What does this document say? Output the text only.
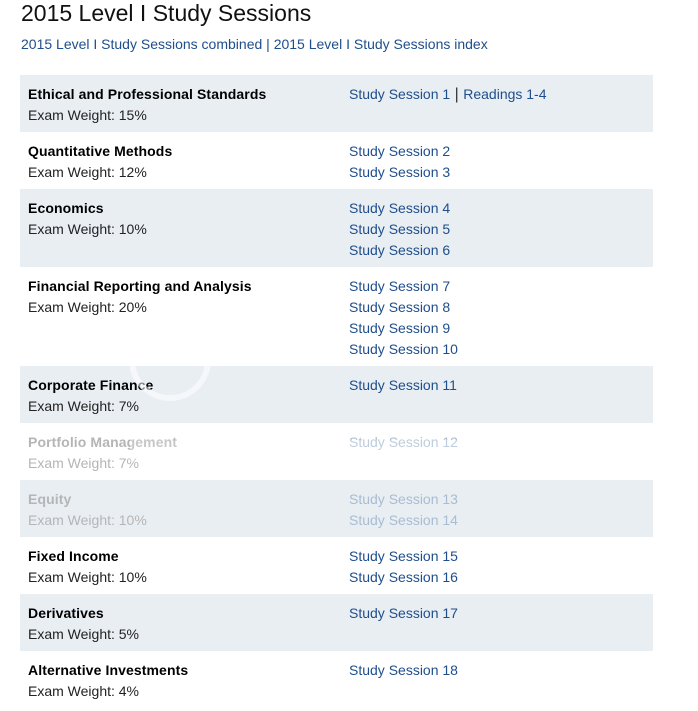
2015 Level I Study Sessions
2015 Level I Study Sessions combined | 2015 Level I Study Sessions index
Ethical and Professional Standards
Exam Weight: 15%
Study Session 1 | Readings 1-4
Quantitative Methods
Exam Weight: 12%
Study Session 2
Study Session 3
Economics
Exam Weight: 10%
Study Session 4
Study Session 5
Study Session 6
Financial Reporting and Analysis
Exam Weight: 20%
Study Session 7
Study Session 8
Study Session 9
Study Session 10
Corporate Finance
Exam Weight: 7%
Study Session 11
Portfolio Management
Exam Weight: 7%
Study Session 12
Equity
Exam Weight: 10%
Study Session 13
Study Session 14
Fixed Income
Exam Weight: 10%
Study Session 15
Study Session 16
Derivatives
Exam Weight: 5%
Study Session 17
Alternative Investments
Exam Weight: 4%
Study Session 18
